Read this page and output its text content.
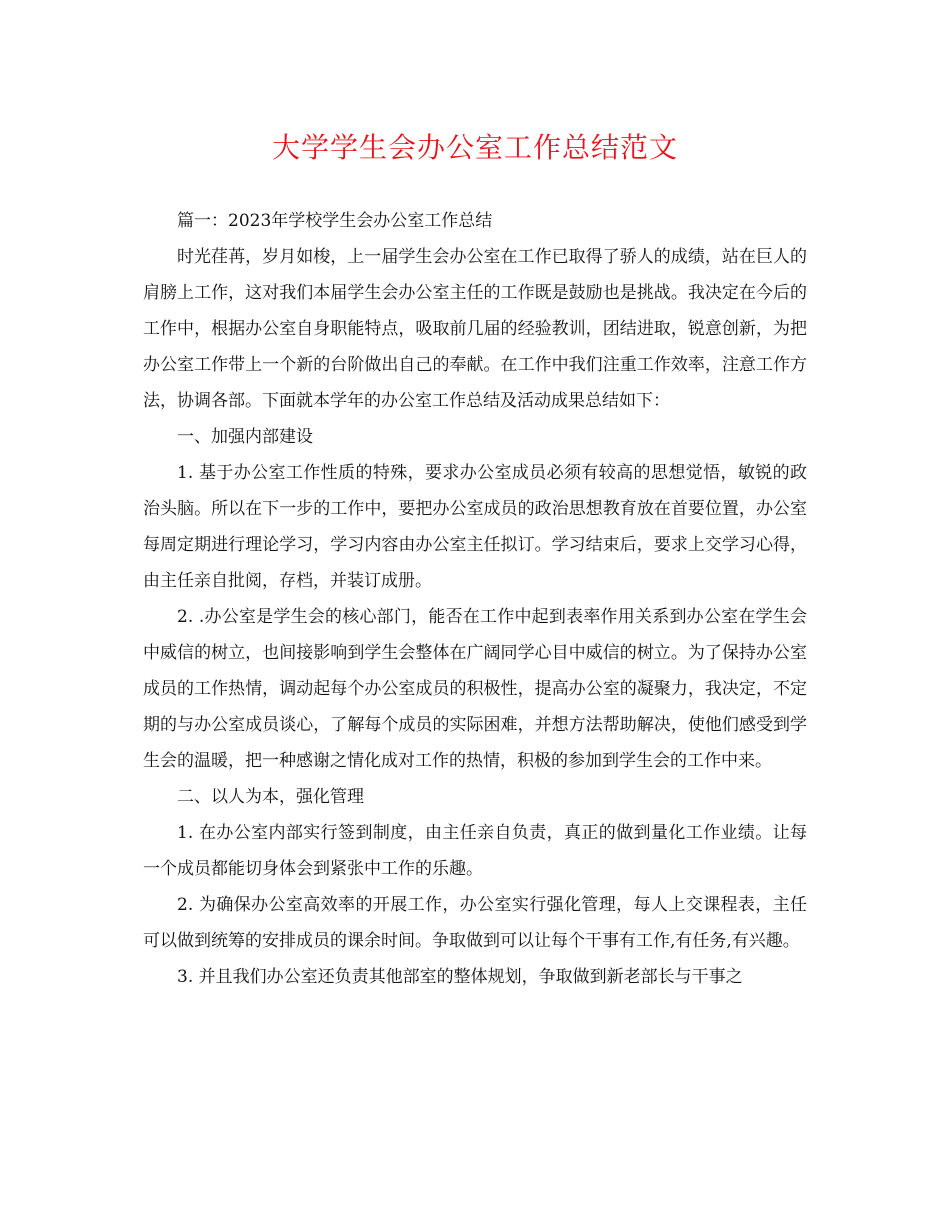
大学学生会办公室工作总结范文

篇一：2023年学校学生会办公室工作总结

时光荏苒，岁月如梭，上一届学生会办公室在工作已取得了骄人的成绩，站在巨人的肩膀上工作，这对我们本届学生会办公室主任的工作既是鼓励也是挑战。我决定在今后的工作中，根据办公室自身职能特点，吸取前几届的经验教训，团结进取，锐意创新，为把办公室工作带上一个新的台阶做出自己的奉献。在工作中我们注重工作效率，注意工作方法，协调各部。下面就本学年的办公室工作总结及活动成果总结如下：

一、加强内部建设

1. 基于办公室工作性质的特殊，要求办公室成员必须有较高的思想觉悟，敏锐的政治头脑。所以在下一步的工作中，要把办公室成员的政治思想教育放在首要位置，办公室每周定期进行理论学习，学习内容由办公室主任拟订。学习结束后，要求上交学习心得，由主任亲自批阅，存档，并装订成册。

2. .办公室是学生会的核心部门，能否在工作中起到表率作用关系到办公室在学生会中威信的树立，也间接影响到学生会整体在广阔同学心目中威信的树立。为了保持办公室成员的工作热情，调动起每个办公室成员的积极性，提高办公室的凝聚力，我决定，不定期的与办公室成员谈心，了解每个成员的实际困难，并想方法帮助解决，使他们感受到学生会的温暖，把一种感谢之情化成对工作的热情，积极的参加到学生会的工作中来。

二、以人为本，强化管理

1. 在办公室内部实行签到制度，由主任亲自负责，真正的做到量化工作业绩。让每一个成员都能切身体会到紧张中工作的乐趣。

2. 为确保办公室高效率的开展工作，办公室实行强化管理，每人上交课程表，主任可以做到统筹的安排成员的课余时间。争取做到可以让每个干事有工作,有任务,有兴趣。

3. 并且我们办公室还负责其他部室的整体规划，争取做到新老部长与干事之
